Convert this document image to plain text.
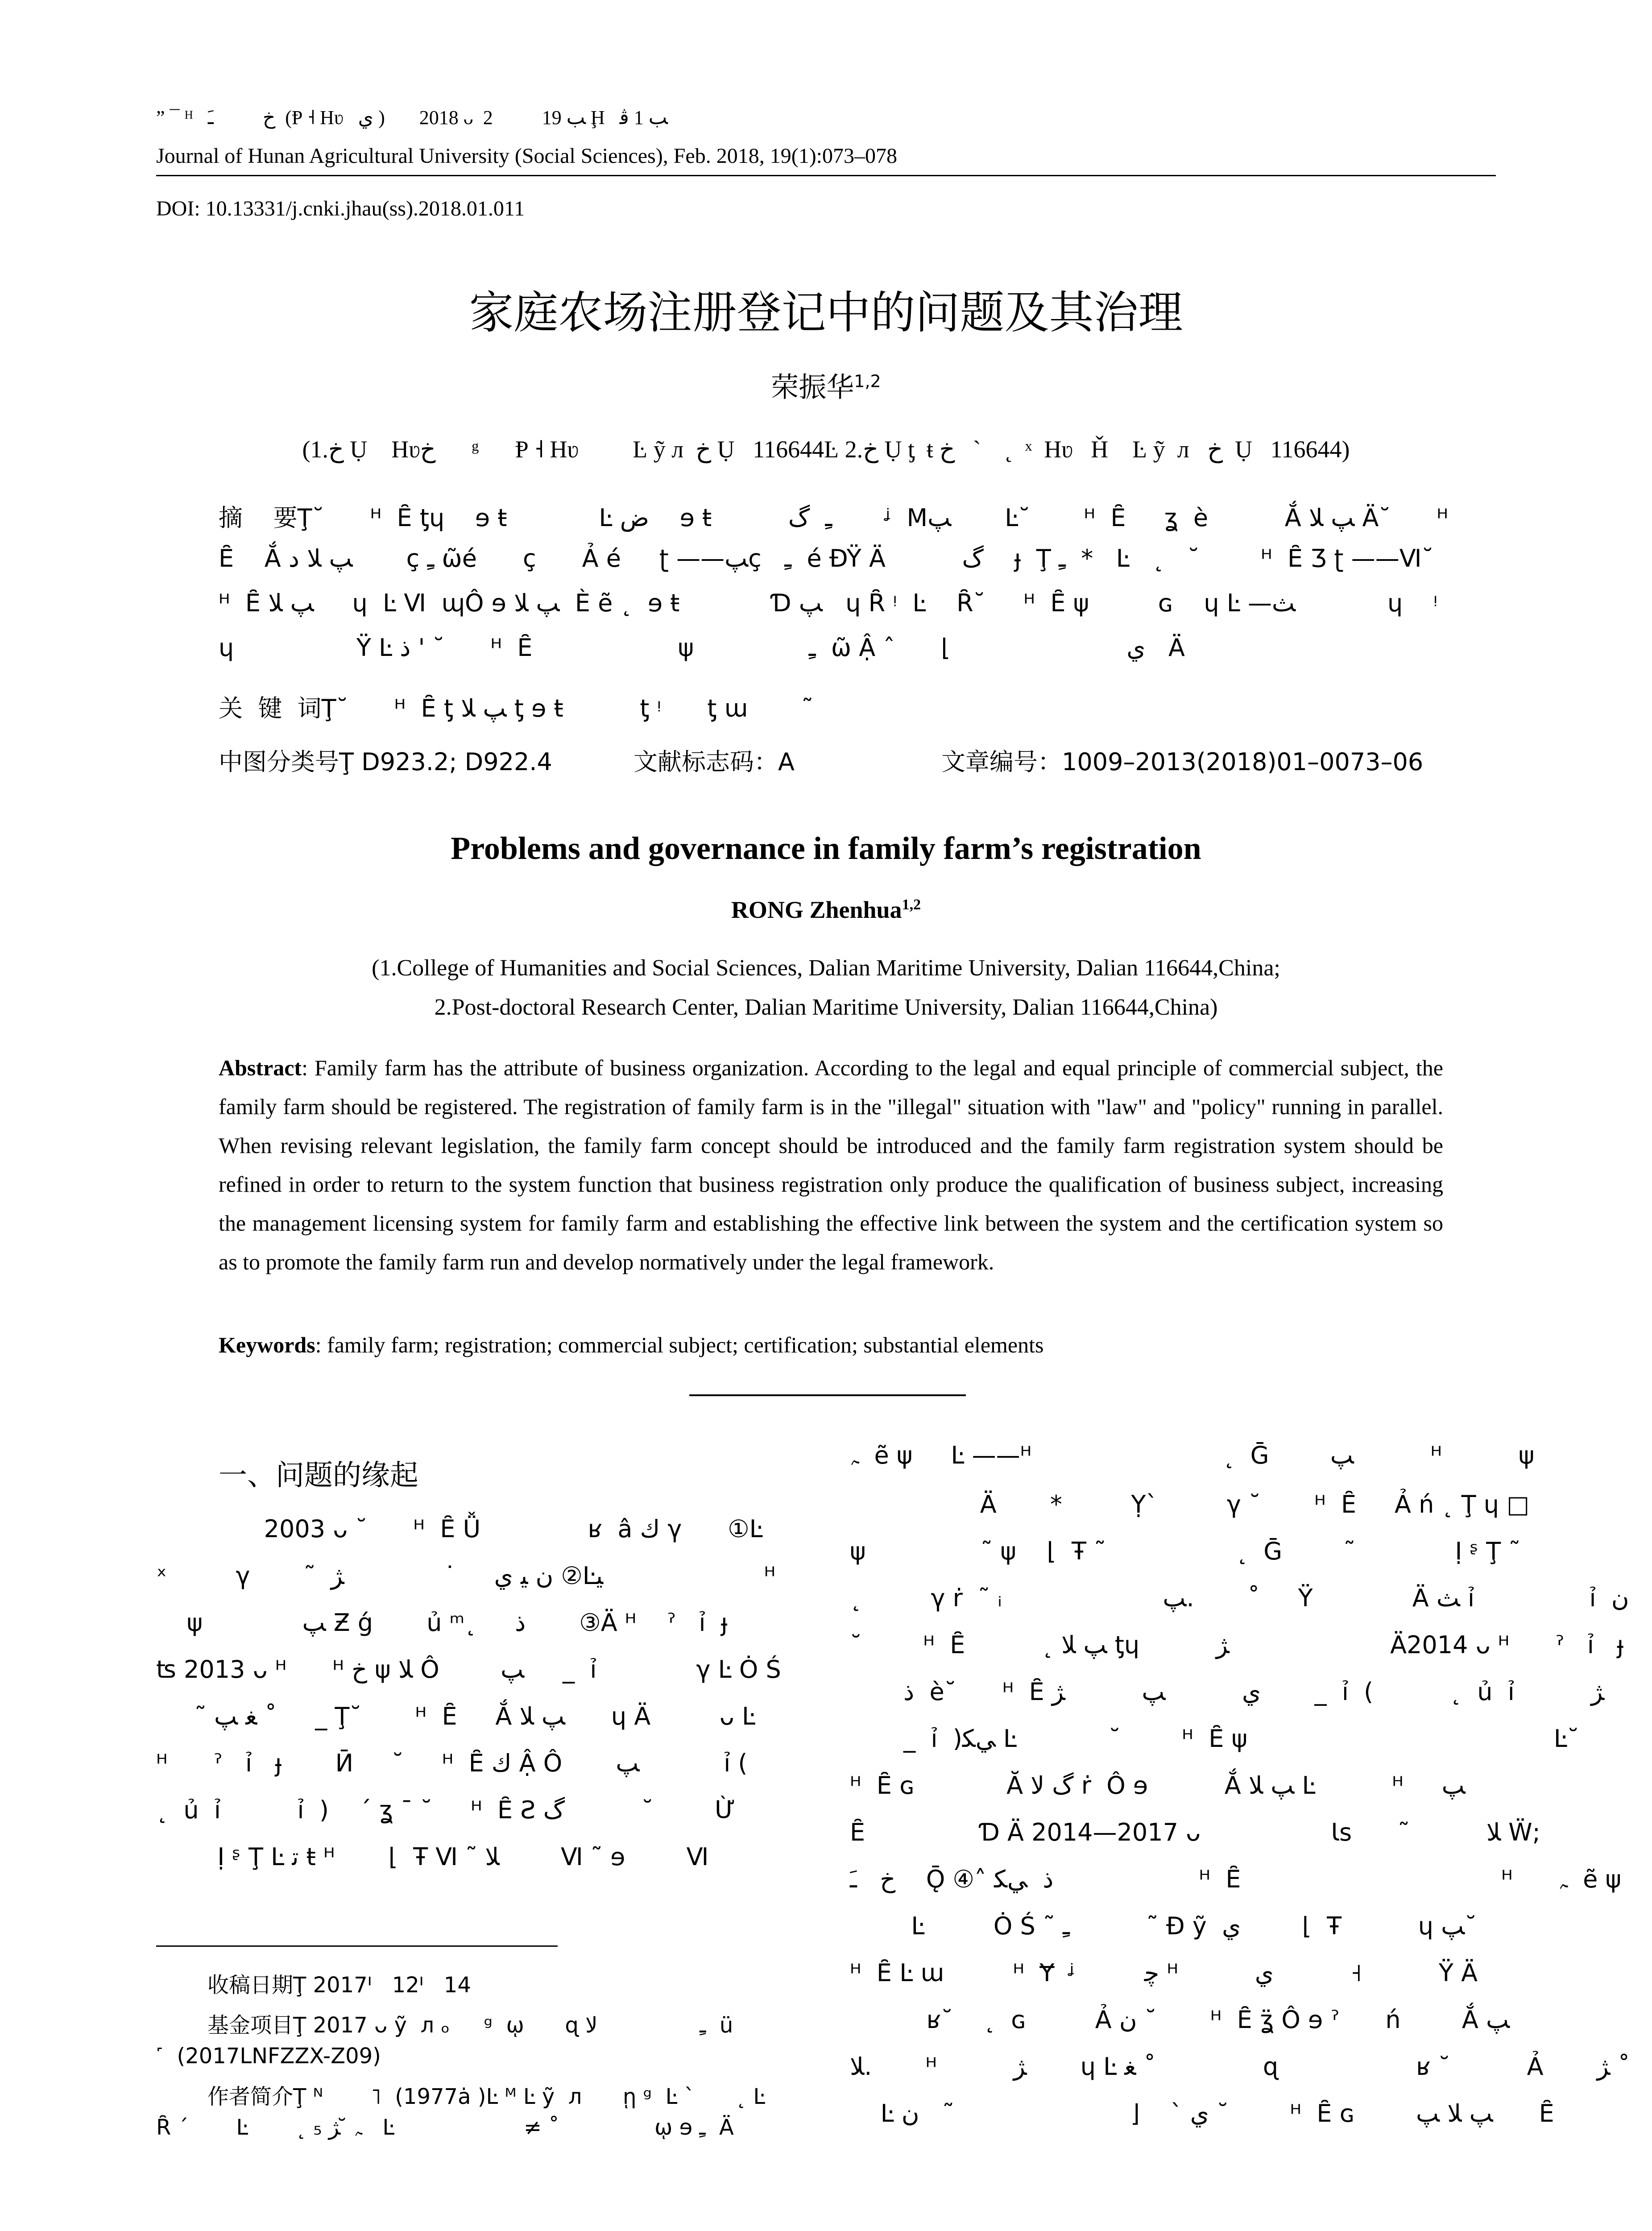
” ¯ ᴴ   ﺥ          ﹷ  (Ᵽ ˧ Hʋ   ي )       2018 ᴗ  2          ﺐ 19 Ḩ   ﺐ 1 ﭬ
Journal of Hunan Agricultural University (Social Sciences), Feb. 2018, 19(1):073–078
DOI: 10.13331/j.cnki.jhau(ss).2018.01.011
家庭农场注册登记中的问题及其治理
荣振华$^{1,2}$
(1.ﺥ Ụ    Hʋﺥ      ᵍ      Ᵽ ˧ Hʋ         Ŀ ỹ л  ﺥ Ụ   116644Ŀ 2.ﺥ Ụ ƫ  ŧ ﺥ   ˋ    ˛  ˣ  Hʋ   Ȟ    Ŀ ỹ  л   ﺥ  Ụ   116644)
摘    要Ţ˘      ᴴ  Ȇ ƫɥ    ɘ ŧ            Ŀ ﺽ    ɘ ŧ          ﹻ  ﮒ       ᶨ  Mﭗ       Ŀ˘       ᴴ  Ȇ     ʓ  è          Ắ ﭗ ﻼ Ä˘      ᴴ
Ȇ    Ắ ﭗ ﻼ ﺩ       ç ﹻ ῶé      ç      Ả é     ʈ ——ﭗç   ﹻ  é ĐŸ Ä          ﮒ    ɟ  Ţ ﹻ  *   Ŀ   ˛   ˘        ᴴ  Ȇ Ʒ ʈ ——Ⅵ˘
ᴴ  Ȇ ﭗ ﻼ     ɥ  Ŀ Ⅵ  ɰÔ ɘ ﭗ ﻼ  È ẽ ˛  ɘ ŧ            Ɗ ﭗ   ɥ Ȓ ᵎ  Ŀ    Ȓ˘     ᴴ  Ȇ ψ         ɢ    ɥ Ŀ —ﺚ            ɥ    ᵎ
ɥ                Ÿ Ŀ ﺫ ' ˘      ᴴ  Ȇ                   ψ               ﹻ  ῶ Ậ ˆ      ⌊                       ﻱ   Ä
关  键  词Ţ˘      ᴴ  Ȇ ƫ ﭗ ﻼ ƫ ɘ ŧ          ƫ ᵎ      ƫ ɯ       ˜
中图分类号Ţ D923.2; D922.4	文献标志码：A	文章编号：1009–2013(2018)01–0073–06
Problems and governance in family farm’s registration
RONG Zhenhua$^{1,2}$
(1.College of Humanities and Social Sciences, Dalian Maritime University, Dalian 116644,China;
2.Post-doctoral Research Center, Dalian Maritime University, Dalian 116644,China)
Abstract: Family farm has the attribute of business organization. According to the legal and equal principle of commercial subject, the family farm should be registered. The registration of family farm is in the "illegal" situation with "law" and "policy" running in parallel. When revising relevant legislation, the family farm concept should be introduced and the family farm registration system should be refined in order to return to the system function that business registration only produce the qualification of business subject, increasing the management licensing system for family farm and establishing the effective link between the system and the certification system so as to promote the family farm run and develop normatively under the legal framework.
Keywords: family farm; registration; commercial subject; certification; substantial elements
一、问题的缘起
2003 ᴗ ˘      ᴴ  Ȇ Ǚ              ʁ  â ﻙ γ      ①Ŀ
ˣ         γ       ˜  ﻥ ﻴ ﻱ     ˙             ﮋ ②Ŀﻴ                     ᴴ
ψ             ﭗ Ƶ ǵ       ủ ᵐ˛     ﺫ       ③Ä ᴴ    ˀ   ỉ  ɟ
ʦ 2013 ᴗ ᴴ      ᴴ ﺥ ψ ﻼ Ô        ﭗ     _  ỉ             γ Ŀ Ȯ Ś
˜ ﻐ ﭗ ˚     _ Ţ˘       ᴴ  Ȇ     Ắ ﭗ ﻼ      ɥ Ä         ᴗ Ŀ
ᴴ      ˀ   ỉ   ɟ       Ӣ     ˘     ᴴ  Ȇ ﻙ Ậ Ô       ﭗ           ỉ (
˛  ủ  ỉ          ỉ  )    ˊ ʓ ¯ ˘     ᴴ  Ȇ Ƨ ﮒ          ˘        Ừ
Ị ᶳ Ţ Ŀ ﺗ ŧ ᴴ       ⌊  Ŧ Ⅵ ˜ ﻼ        Ⅵ ˜ ɘ        Ⅵ
收稿日期Ţ 2017ᑊ   12ᑊ   14
基金项目Ţ 2017 ᴗ ỹ  л ₒ     ᵍ  ῳ      ɋ ﹻ               ﻻ  ü
˹  (2017LNFZZX-Z09)
作者简介Ţ ᴺ       ˥  (1977ȧ )Ŀ ᴹ Ŀ ỹ  л      ῃ ᵍ  Ŀ ˋ      ˛ Ŀ
Ȓ ˊ       Ŀ       ˛ ﮧ ̆ ﮋ ₅   Ŀ                   ≠ ˚              ῳ ɘ ﹻ  Ä
ﮧ  ẽ ψ     Ŀ ——ᴴ                         ˛  Ḡ        ﭗ          ᴴ          ψ
Ä       *         Ỵ`         γ ˘       ᴴ  Ȇ     Ả ń ˛ Ţ ɥ □
ψ               ˜ ψ    ⌊  Ŧ ˜                 ˛  Ḡ        ˜             Ị ᶳ Ţ ˜
˛         γ ṙ  ˜ ᵢ                     ﭗ.       ˚     Ÿ             Ä ﺚ ỉ               ỉ  ﻥ
˘        ᴴ  Ȇ          ˛ ﭗ ﻼ ƫɥ          ﮋ                     Ä2014 ᴗ ᴴ      ˀ   ỉ   ɟ
ﺫ  è˘      ᴴ  Ȇ ﻱ          ﭗ          ﮋ       _  ỉ  (          ˛  ủ  ỉ          ﮋ
_  ỉ  )ﻲﮑ Ŀ            ˘        ᴴ  Ȇ ψ                                        Ŀ˘
ᴴ  Ȇ ɢ            Ă ﮒ ﻻ ṙ  Ô ɘ          Ắ ﭗ ﻼ Ŀ          ᴴ     ﭗ
Ȇ               Ɗ Ä 2014—2017 ᴗ                 Ɩs      ˜          ﻼ Ẅ;
ﺥ   ﹷ    Ǭ ④˄ ﺫ  ﻲﮑ                   ᴴ  Ȇ                                  ᴴ      ﮧ  ẽ ψ
Ŀ         Ȯ Ś ˜ ﹻ          ˜ Ɖ ỹ  ﻱ        ⌊  Ŧ          ɥ ﭗ˘
ᴴ  Ȇ Ŀ ɯ         ᴴ  Ɏ  ᶨ         ﭼ ᴴ          ﻱ          ˧          Ÿ Ä
ʁ˘    ˛  ɢ         Ả ﻥ ˘       ᴴ  Ȇ ʓ̈ Ô ɘ ˀ      ń        Ắ ﭗ
ﻼ.       ᴴ          ﮋ       ɥ Ŀ ﻐ ˚              ɋ                  ʁ ˘          Ả       ﮋ ˚
Ŀ ﻱ ˋ    ⌊                       ˜   ﻥ ˘        ᴴ  Ȇ ɢ        ﭗ ﻼ ﭗ      Ȇ
